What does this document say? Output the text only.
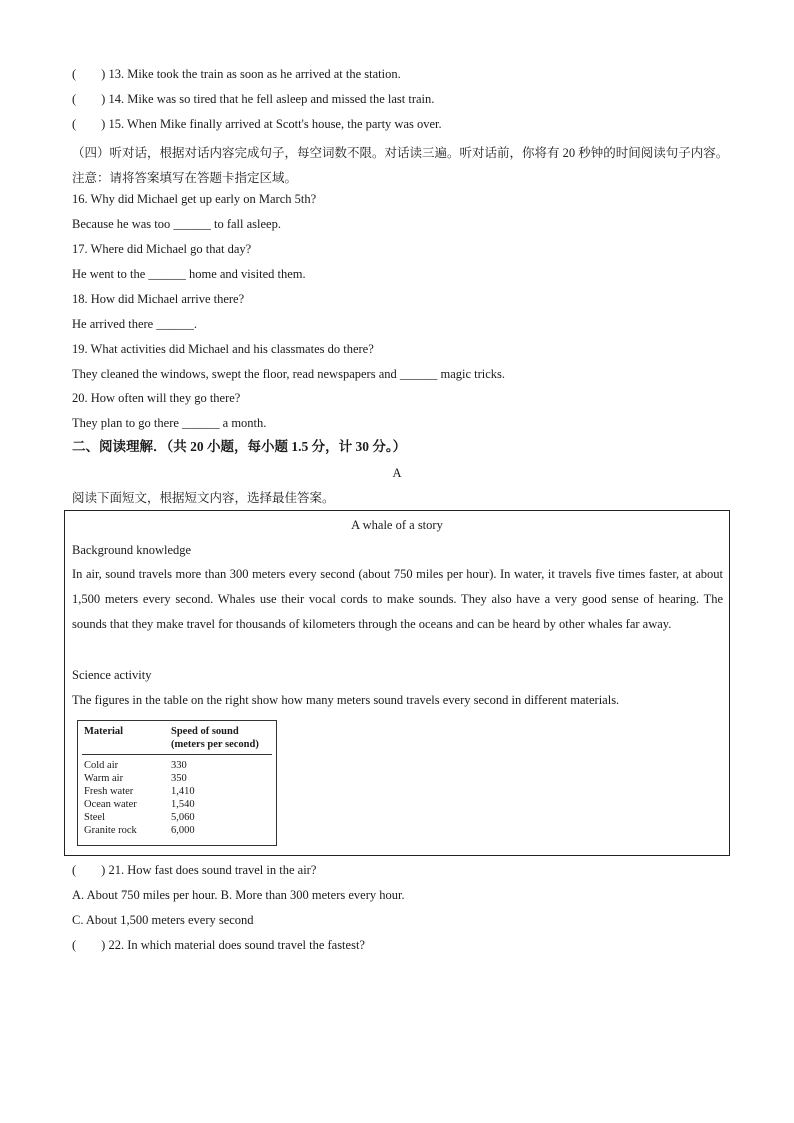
(　　) 13. Mike took the train as soon as he arrived at the station.
(　　) 14. Mike was so tired that he fell asleep and missed the last train.
(　　) 15. When Mike finally arrived at Scott's house, the party was over.
（四）听对话，根据对话内容完成句子，每空词数不限。对话读三遍。听对话前，你将有 20 秒钟的时间阅读句子内容。注意：请将答案填写在答题卡指定区域。
16. Why did Michael get up early on March 5th?
Because he was too ______ to fall asleep.
17. Where did Michael go that day?
He went to the ______ home and visited them.
18. How did Michael arrive there?
He arrived there ______.
19. What activities did Michael and his classmates do there?
They cleaned the windows, swept the floor, read newspapers and ______ magic tricks.
20. How often will they go there?
They plan to go there ______ a month.
二、阅读理解．（共 20 小题，每小题 1.5 分，计 30 分。）
A
阅读下面短文，根据短文内容，选择最佳答案。
A whale of a story
Background knowledge
In air, sound travels more than 300 meters every second (about 750 miles per hour). In water, it travels five times faster, at about 1,500 meters every second. Whales use their vocal cords to make sounds. They also have a very good sense of hearing. The sounds that they make travel for thousands of kilometers through the oceans and can be heard by other whales far away.
Science activity
The figures in the table on the right show how many meters sound travels every second in different materials.
Material	Speed of sound
(meters per second)
Cold air	330
Warm air	350
Fresh water	1,410
Ocean water	1,540
Steel	5,060
Granite rock	6,000
(　　) 21. How fast does sound travel in the air?
A. About 750 miles per hour. B. More than 300 meters every hour.
C. About 1,500 meters every second
(　　) 22. In which material does sound travel the fastest?
